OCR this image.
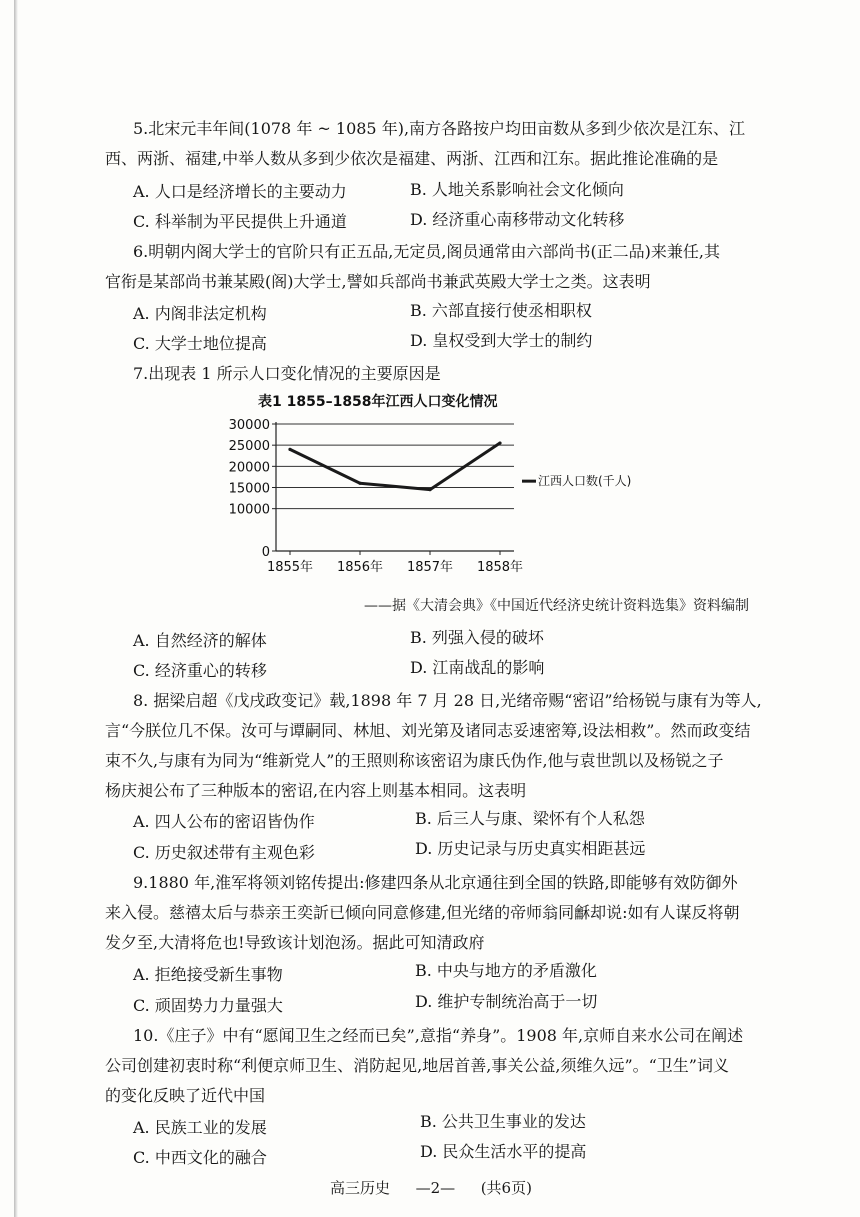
5.北宋元丰年间(1078 年 ~ 1085 年),南方各路按户均田亩数从多到少依次是江东、江
西、两浙、福建,中举人数从多到少依次是福建、两浙、江西和江东。据此推论准确的是
A. 人口是经济增长的主要动力	B. 人地关系影响社会文化倾向
C. 科举制为平民提供上升通道	D. 经济重心南移带动文化转移
6.明朝内阁大学士的官阶只有正五品,无定员,阁员通常由六部尚书(正二品)来兼任,其
官衔是某部尚书兼某殿(阁)大学士,譬如兵部尚书兼武英殿大学士之类。这表明
A. 内阁非法定机构	B. 六部直接行使丞相职权
C. 大学士地位提高	D. 皇权受到大学士的制约
7.出现表 1 所示人口变化情况的主要原因是
表1 1855–1858年江西人口变化情况
0
10000
15000
20000
25000
30000
1855年 1856年 1857年 1858年
江西人口数(千人)
——据《大清会典》《中国近代经济史统计资料选集》资料编制
A. 自然经济的解体	B. 列强入侵的破坏
C. 经济重心的转移	D. 江南战乱的影响
8. 据梁启超《戊戌政变记》载,1898 年 7 月 28 日,光绪帝赐“密诏”给杨锐与康有为等人,
言“今朕位几不保。汝可与谭嗣同、林旭、刘光第及诸同志妥速密筹,设法相救”。然而政变结
束不久,与康有为同为“维新党人”的王照则称该密诏为康氏伪作,他与袁世凯以及杨锐之子
杨庆昶公布了三种版本的密诏,在内容上则基本相同。这表明
A. 四人公布的密诏皆伪作	B. 后三人与康、梁怀有个人私怨
C. 历史叙述带有主观色彩	D. 历史记录与历史真实相距甚远
9.1880 年,淮军将领刘铭传提出:修建四条从北京通往到全国的铁路,即能够有效防御外
来入侵。慈禧太后与恭亲王奕訢已倾向同意修建,但光绪的帝师翁同龢却说:如有人谋反将朝
发夕至,大清将危也!导致该计划泡汤。据此可知清政府
A. 拒绝接受新生事物	B. 中央与地方的矛盾激化
C. 顽固势力力量强大	D. 维护专制统治高于一切
10.《庄子》中有“愿闻卫生之经而已矣”,意指“养身”。1908 年,京师自来水公司在阐述
公司创建初衷时称“利便京师卫生、消防起见,地居首善,事关公益,须维久远”。“卫生”词义
的变化反映了近代中国
A. 民族工业的发展	B. 公共卫生事业的发达
C. 中西文化的融合	D. 民众生活水平的提高
高三历史 —2— (共6页)
